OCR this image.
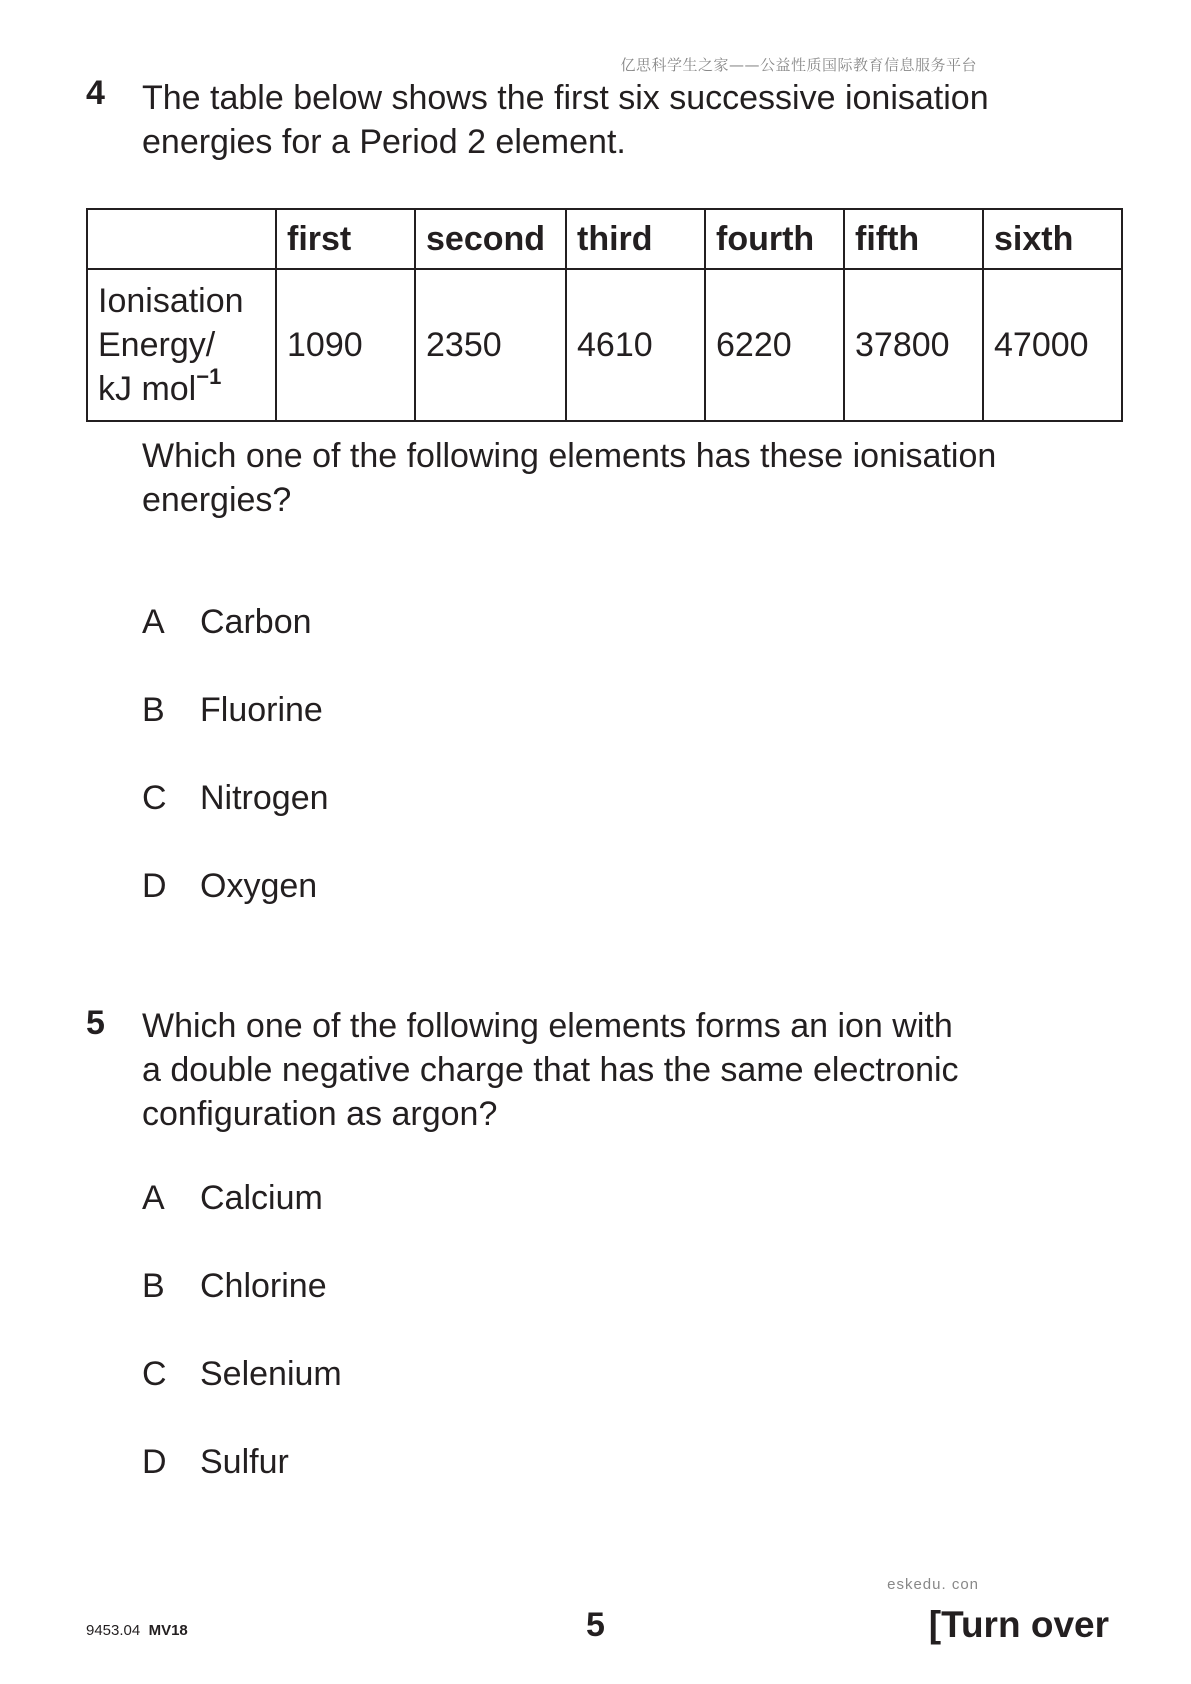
亿思科学生之家——公益性质国际教育信息服务平台
4 The table below shows the first six successive ionisation
energies for a Period 2 element.
	first	second	third	fourth	fifth	sixth

Ionisation
Energy/
kJ mol$^{-1}$	1090	2350	4610	6220	37800	47000
Which one of the following elements has these ionisation
energies?
A Carbon
B Fluorine
C Nitrogen
D Oxygen
5 Which one of the following elements forms an ion with
a double negative charge that has the same electronic
configuration as argon?
A Calcium
B Chlorine
C Selenium
D Sulfur
eskedu. con
9453.04 MV18	5	[Turn over
